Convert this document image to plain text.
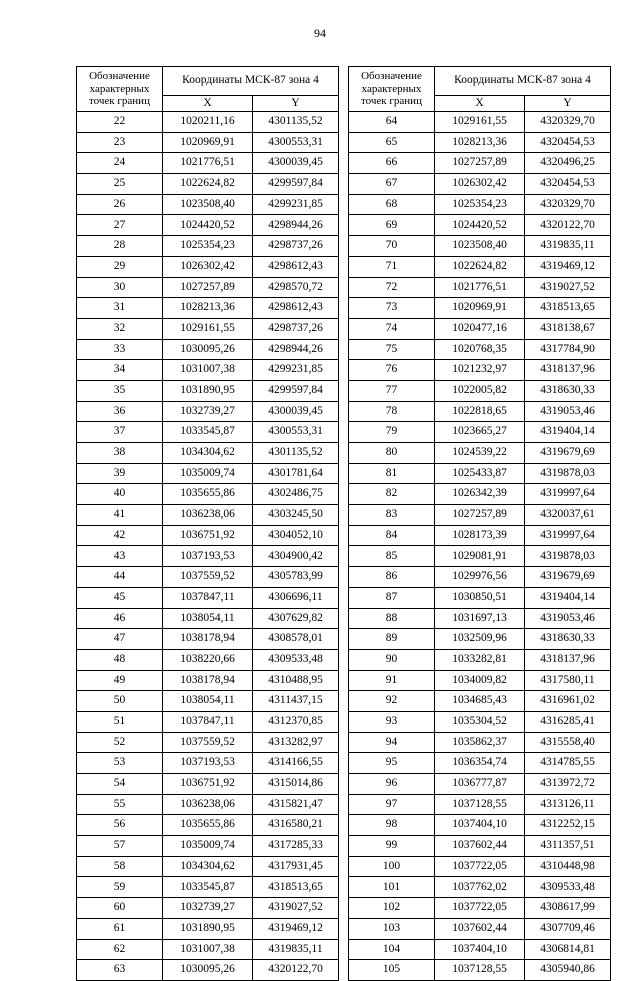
94
Обозначение характерных точек границ	Координаты МСК-87 зона 4	
	X	Y
22	1020211,16	4301135,52
23	1020969,91	4300553,31
24	1021776,51	4300039,45
25	1022624,82	4299597,84
26	1023508,40	4299231,85
27	1024420,52	4298944,26
28	1025354,23	4298737,26
29	1026302,42	4298612,43
30	1027257,89	4298570,72
31	1028213,36	4298612,43
32	1029161,55	4298737,26
33	1030095,26	4298944,26
34	1031007,38	4299231,85
35	1031890,95	4299597,84
36	1032739,27	4300039,45
37	1033545,87	4300553,31
38	1034304,62	4301135,52
39	1035009,74	4301781,64
40	1035655,86	4302486,75
41	1036238,06	4303245,50
42	1036751,92	4304052,10
43	1037193,53	4304900,42
44	1037559,52	4305783,99
45	1037847,11	4306696,11
46	1038054,11	4307629,82
47	1038178,94	4308578,01
48	1038220,66	4309533,48
49	1038178,94	4310488,95
50	1038054,11	4311437,15
51	1037847,11	4312370,85
52	1037559,52	4313282,97
53	1037193,53	4314166,55
54	1036751,92	4315014,86
55	1036238,06	4315821,47
56	1035655,86	4316580,21
57	1035009,74	4317285,33
58	1034304,62	4317931,45
59	1033545,87	4318513,65
60	1032739,27	4319027,52
61	1031890,95	4319469,12
62	1031007,38	4319835,11
63	1030095,26	4320122,70
Обозначение характерных точек границ	Координаты МСК-87 зона 4	
	X	Y
64	1029161,55	4320329,70
65	1028213,36	4320454,53
66	1027257,89	4320496,25
67	1026302,42	4320454,53
68	1025354,23	4320329,70
69	1024420,52	4320122,70
70	1023508,40	4319835,11
71	1022624,82	4319469,12
72	1021776,51	4319027,52
73	1020969,91	4318513,65
74	1020477,16	4318138,67
75	1020768,35	4317784,90
76	1021232,97	4318137,96
77	1022005,82	4318630,33
78	1022818,65	4319053,46
79	1023665,27	4319404,14
80	1024539,22	4319679,69
81	1025433,87	4319878,03
82	1026342,39	4319997,64
83	1027257,89	4320037,61
84	1028173,39	4319997,64
85	1029081,91	4319878,03
86	1029976,56	4319679,69
87	1030850,51	4319404,14
88	1031697,13	4319053,46
89	1032509,96	4318630,33
90	1033282,81	4318137,96
91	1034009,82	4317580,11
92	1034685,43	4316961,02
93	1035304,52	4316285,41
94	1035862,37	4315558,40
95	1036354,74	4314785,55
96	1036777,87	4313972,72
97	1037128,55	4313126,11
98	1037404,10	4312252,15
99	1037602,44	4311357,51
100	1037722,05	4310448,98
101	1037762,02	4309533,48
102	1037722,05	4308617,99
103	1037602,44	4307709,46
104	1037404,10	4306814,81
105	1037128,55	4305940,86
